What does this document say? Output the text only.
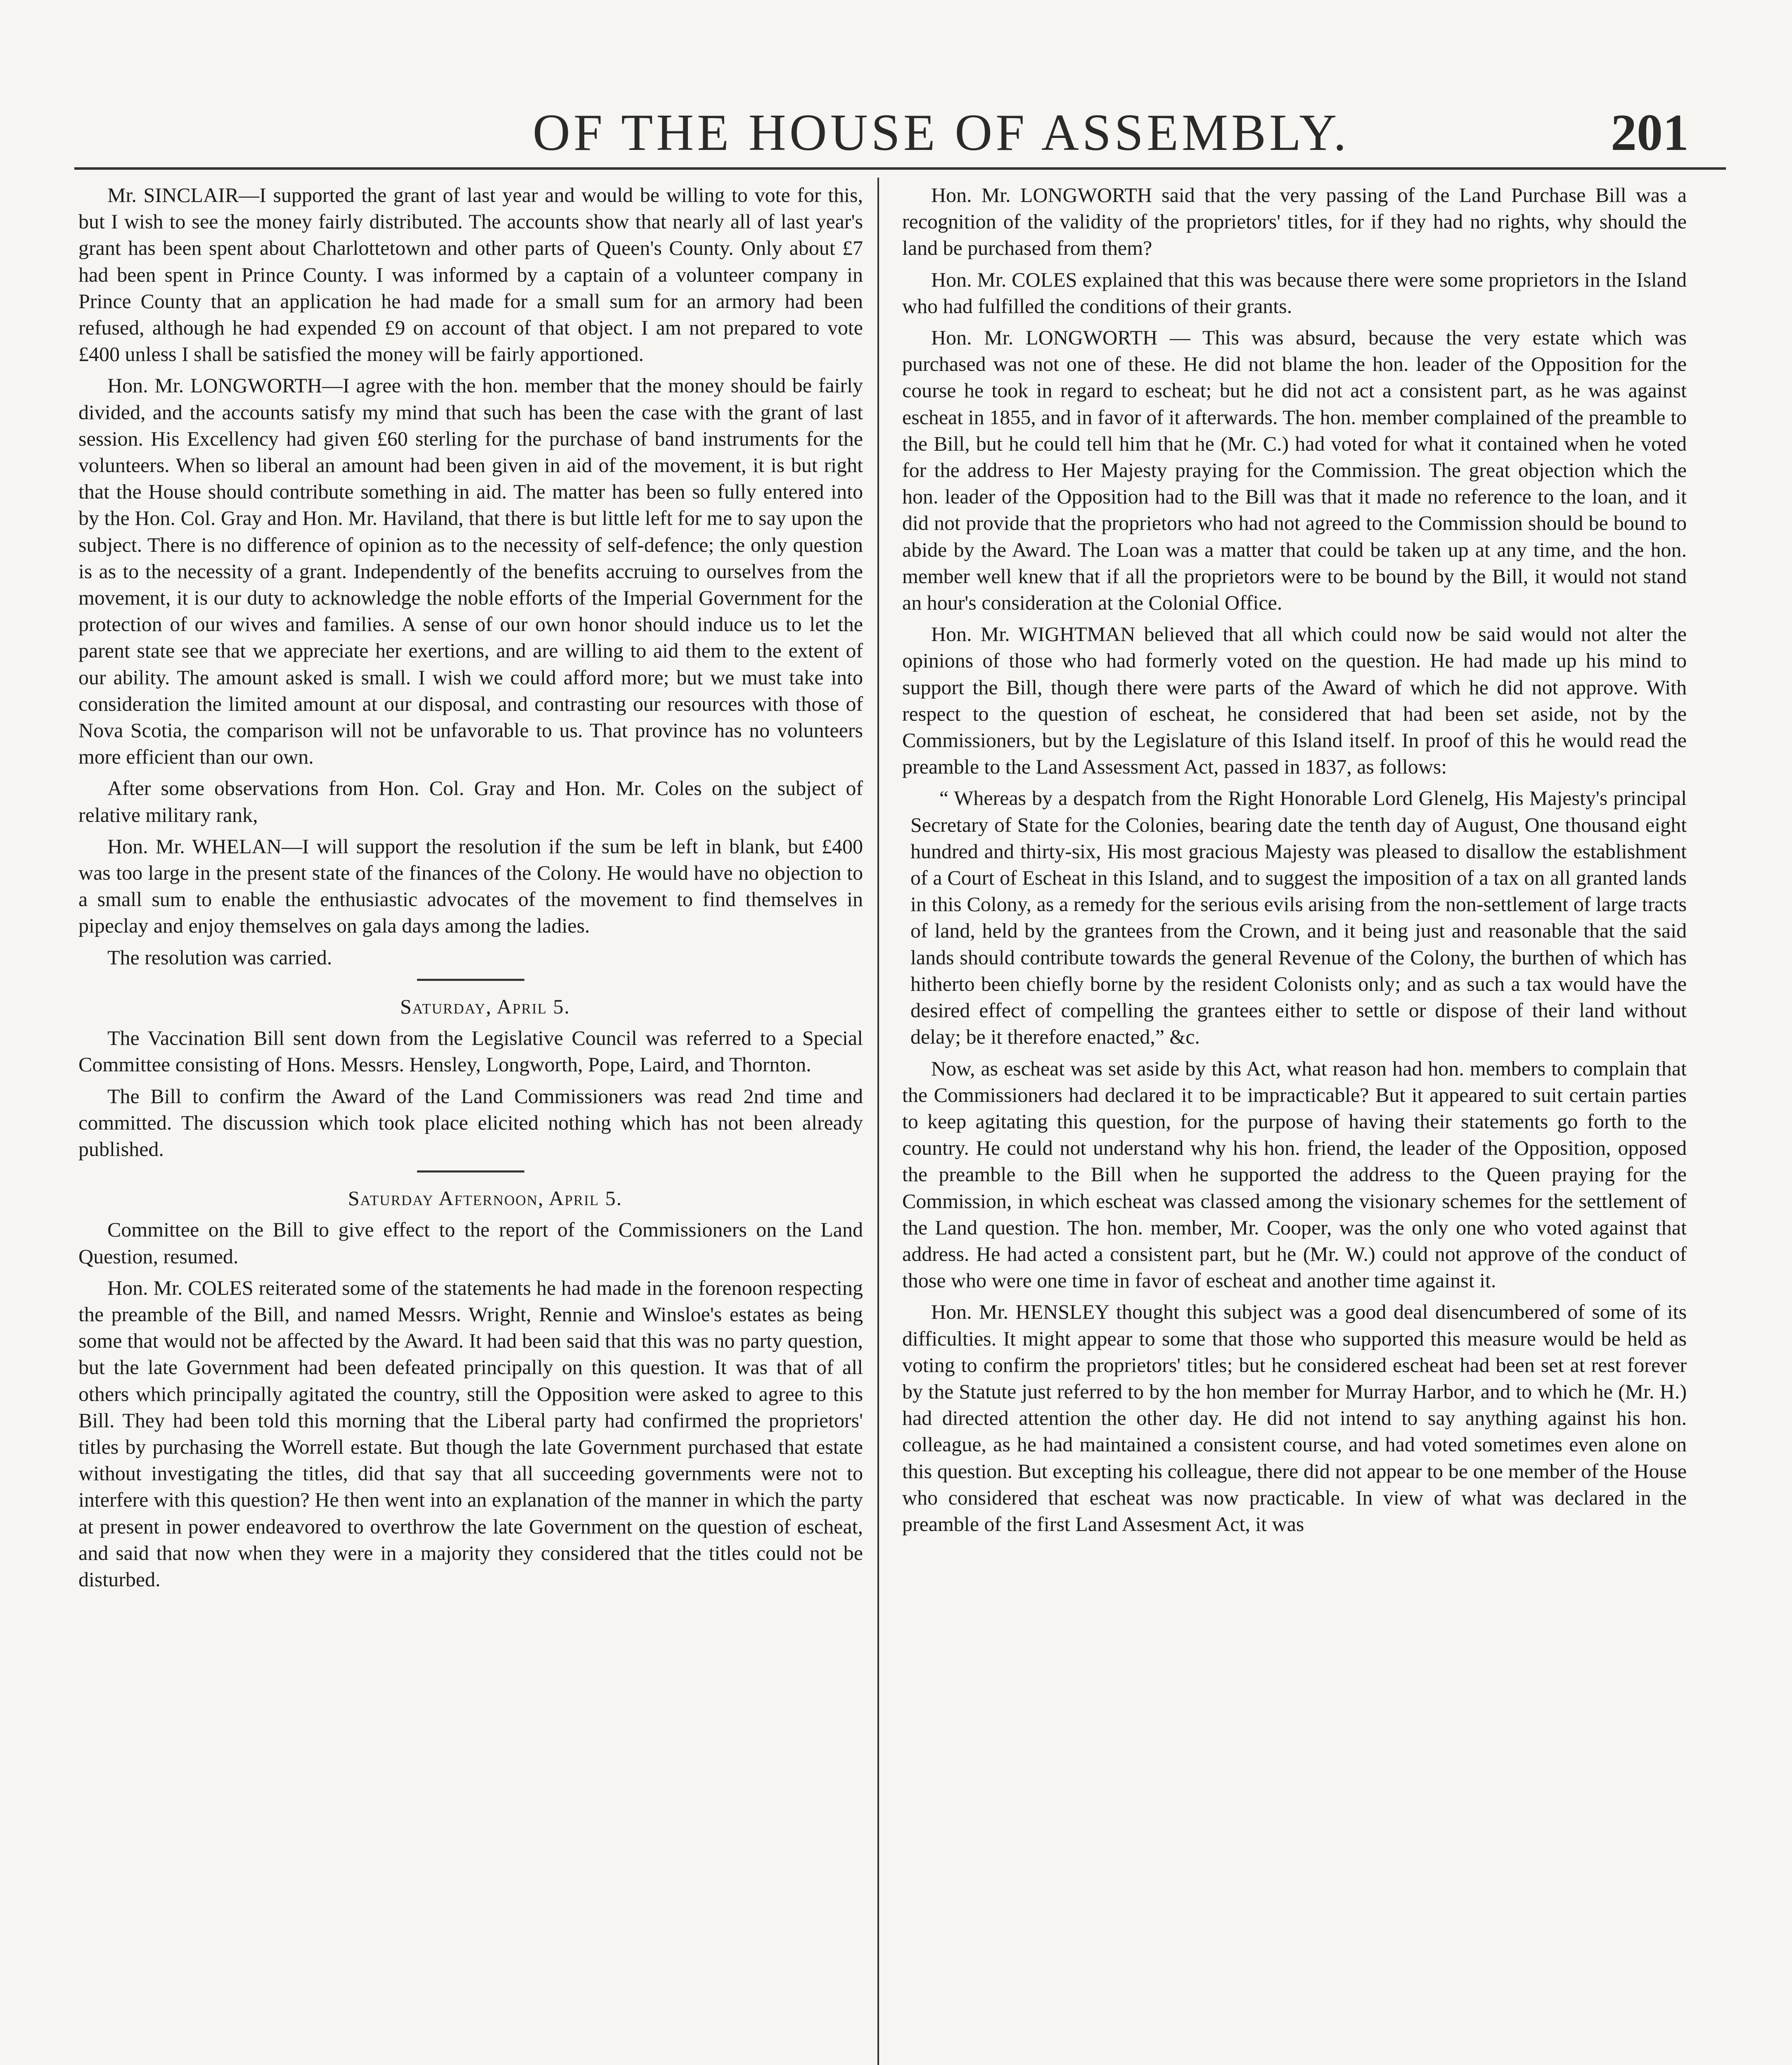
OF THE HOUSE OF ASSEMBLY.	201

Mr. SINCLAIR—I supported the grant of last year and would be willing to vote for this, but I wish to see the money fairly distributed. The accounts show that nearly all of last year's grant has been spent about Charlottetown and other parts of Queen's County. Only about £7 had been spent in Prince County. I was informed by a captain of a volunteer company in Prince County that an application he had made for a small sum for an armory had been refused, although he had expended £9 on account of that object. I am not prepared to vote £400 unless I shall be satisfied the money will be fairly apportioned.

Hon. Mr. LONGWORTH—I agree with the hon. member that the money should be fairly divided, and the accounts satisfy my mind that such has been the case with the grant of last session. His Excellency had given £60 sterling for the purchase of band instruments for the volunteers. When so liberal an amount had been given in aid of the movement, it is but right that the House should contribute something in aid. The matter has been so fully entered into by the Hon. Col. Gray and Hon. Mr. Haviland, that there is but little left for me to say upon the subject. There is no difference of opinion as to the necessity of self-defence; the only question is as to the necessity of a grant. Independently of the benefits accruing to ourselves from the movement, it is our duty to acknowledge the noble efforts of the Imperial Government for the protection of our wives and families. A sense of our own honor should induce us to let the parent state see that we appreciate her exertions, and are willing to aid them to the extent of our ability. The amount asked is small. I wish we could afford more; but we must take into consideration the limited amount at our disposal, and contrasting our resources with those of Nova Scotia, the comparison will not be unfavorable to us. That province has no volunteers more efficient than our own.

After some observations from Hon. Col. Gray and Hon. Mr. Coles on the subject of relative military rank,

Hon. Mr. WHELAN—I will support the resolution if the sum be left in blank, but £400 was too large in the present state of the finances of the Colony. He would have no objection to a small sum to enable the enthusiastic advocates of the movement to find themselves in pipeclay and enjoy themselves on gala days among the ladies.

The resolution was carried.

Saturday, April 5.

The Vaccination Bill sent down from the Legislative Council was referred to a Special Committee consisting of Hons. Messrs. Hensley, Longworth, Pope, Laird, and Thornton.

The Bill to confirm the Award of the Land Commissioners was read 2nd time and committed. The discussion which took place elicited nothing which has not been already published.

Saturday Afternoon, April 5.

Committee on the Bill to give effect to the report of the Commissioners on the Land Question, resumed.

Hon. Mr. COLES reiterated some of the statements he had made in the forenoon respecting the preamble of the Bill, and named Messrs. Wright, Rennie and Winsloe's estates as being some that would not be affected by the Award. It had been said that this was no party question, but the late Government had been defeated principally on this question. It was that of all others which principally agitated the country, still the Opposition were asked to agree to this Bill. They had been told this morning that the Liberal party had confirmed the proprietors' titles by purchasing the Worrell estate. But though the late Government purchased that estate without investigating the titles, did that say that all succeeding governments were not to interfere with this question? He then went into an explanation of the manner in which the party at present in power endeavored to overthrow the late Government on the question of escheat, and said that now when they were in a majority they considered that the titles could not be disturbed.

Hon. Mr. LONGWORTH said that the very passing of the Land Purchase Bill was a recognition of the validity of the proprietors' titles, for if they had no rights, why should the land be purchased from them?

Hon. Mr. COLES explained that this was because there were some proprietors in the Island who had fulfilled the conditions of their grants.

Hon. Mr. LONGWORTH — This was absurd, because the very estate which was purchased was not one of these. He did not blame the hon. leader of the Opposition for the course he took in regard to escheat; but he did not act a consistent part, as he was against escheat in 1855, and in favor of it afterwards. The hon. member complained of the preamble to the Bill, but he could tell him that he (Mr. C.) had voted for what it contained when he voted for the address to Her Majesty praying for the Commission. The great objection which the hon. leader of the Opposition had to the Bill was that it made no reference to the loan, and it did not provide that the proprietors who had not agreed to the Commission should be bound to abide by the Award. The Loan was a matter that could be taken up at any time, and the hon. member well knew that if all the proprietors were to be bound by the Bill, it would not stand an hour's consideration at the Colonial Office.

Hon. Mr. WIGHTMAN believed that all which could now be said would not alter the opinions of those who had formerly voted on the question. He had made up his mind to support the Bill, though there were parts of the Award of which he did not approve. With respect to the question of escheat, he considered that had been set aside, not by the Commissioners, but by the Legislature of this Island itself. In proof of this he would read the preamble to the Land Assessment Act, passed in 1837, as follows:

“ Whereas by a despatch from the Right Honorable Lord Glenelg, His Majesty's principal Secretary of State for the Colonies, bearing date the tenth day of August, One thousand eight hundred and thirty-six, His most gracious Majesty was pleased to disallow the establishment of a Court of Escheat in this Island, and to suggest the imposition of a tax on all granted lands in this Colony, as a remedy for the serious evils arising from the non-settlement of large tracts of land, held by the grantees from the Crown, and it being just and reasonable that the said lands should contribute towards the general Revenue of the Colony, the burthen of which has hitherto been chiefly borne by the resident Colonists only; and as such a tax would have the desired effect of compelling the grantees either to settle or dispose of their land without delay; be it therefore enacted,” &c.

Now, as escheat was set aside by this Act, what reason had hon. members to complain that the Commissioners had declared it to be impracticable? But it appeared to suit certain parties to keep agitating this question, for the purpose of having their statements go forth to the country. He could not understand why his hon. friend, the leader of the Opposition, opposed the preamble to the Bill when he supported the address to the Queen praying for the Commission, in which escheat was classed among the visionary schemes for the settlement of the Land question. The hon. member, Mr. Cooper, was the only one who voted against that address. He had acted a consistent part, but he (Mr. W.) could not approve of the conduct of those who were one time in favor of escheat and another time against it.

Hon. Mr. HENSLEY thought this subject was a good deal disencumbered of some of its difficulties. It might appear to some that those who supported this measure would be held as voting to confirm the proprietors' titles; but he considered escheat had been set at rest forever by the Statute just referred to by the hon member for Murray Harbor, and to which he (Mr. H.) had directed attention the other day. He did not intend to say anything against his hon. colleague, as he had maintained a consistent course, and had voted sometimes even alone on this question. But excepting his colleague, there did not appear to be one member of the House who considered that escheat was now practicable. In view of what was declared in the preamble of the first Land Assesment Act, it was
